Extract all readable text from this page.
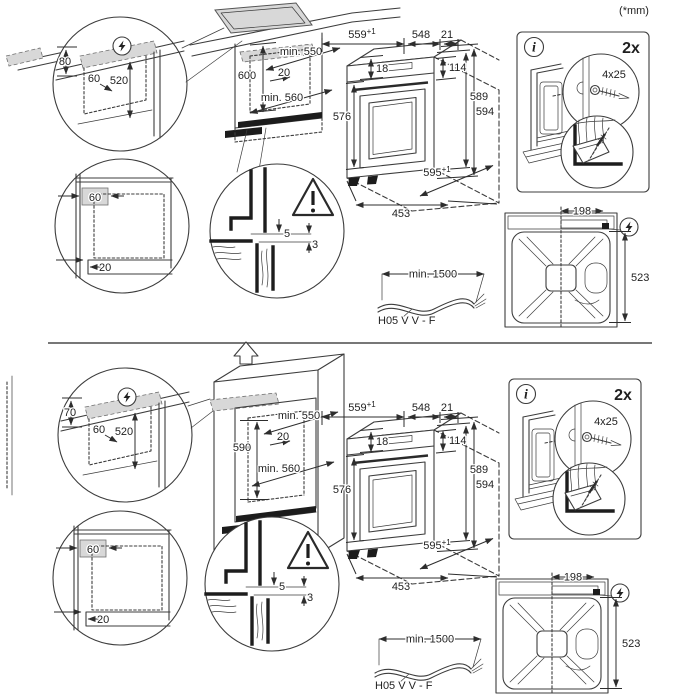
(*mm)
600
min. 550
20
min. 560
80
60 520
60
20
5
3
$559^{+1}$	548 21
18	114
589
594
576
$595^{+1}$
453
i	2x
4x25
198
523
min. 1500
H05 V V - F
590
min. 550
20
min. 560
70
60 520
60
20
5
3
$559^{+1}$	548 21
18	114
589
594
576
$595^{+1}$
453
i	2x
4x25
198
523
min. 1500
H05 V V - F
